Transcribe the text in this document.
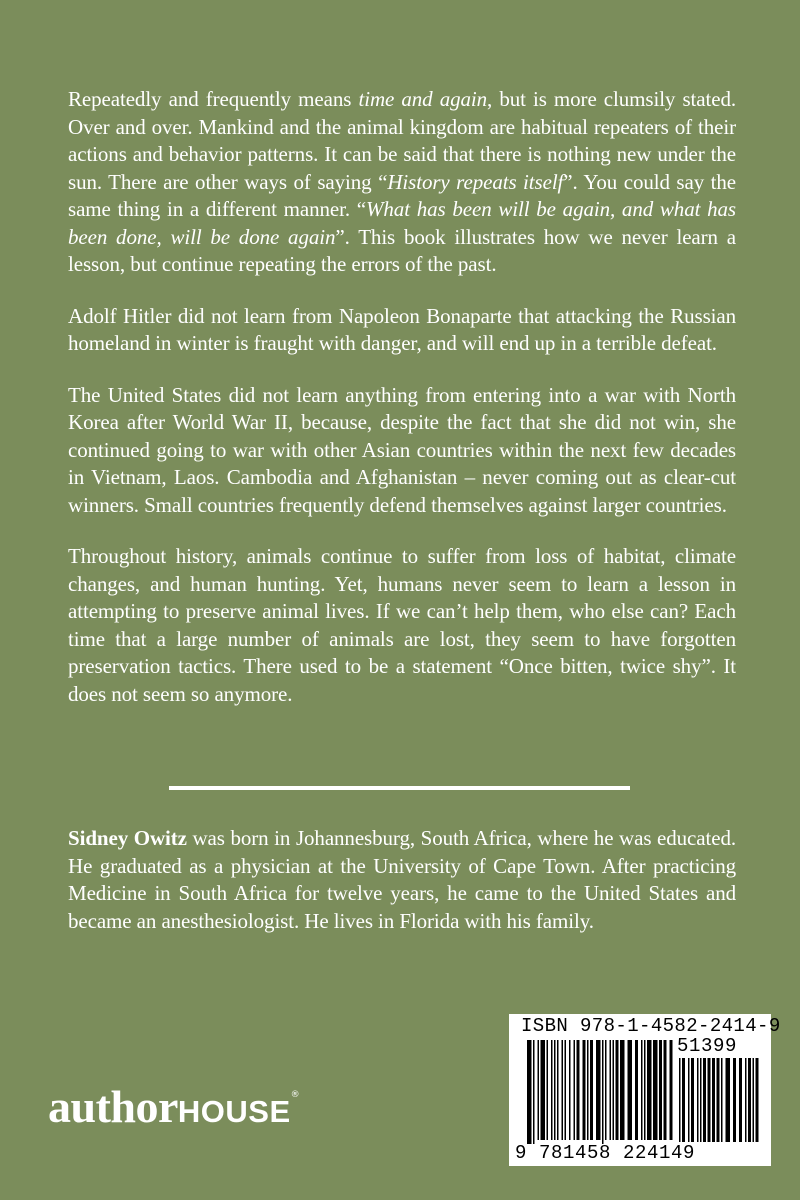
Repeatedly and frequently means time and again, but is more clumsily stated. Over and over. Mankind and the animal kingdom are habitual repeaters of their actions and behavior patterns. It can be said that there is nothing new under the sun. There are other ways of saying “History repeats itself”. You could say the same thing in a different manner. “What has been will be again, and what has been done, will be done again”. This book illustrates how we never learn a lesson, but continue repeating the errors of the past.

Adolf Hitler did not learn from Napoleon Bonaparte that attacking the Russian homeland in winter is fraught with danger, and will end up in a terrible defeat.

The United States did not learn anything from entering into a war with North Korea after World War II, because, despite the fact that she did not win, she continued going to war with other Asian countries within the next few decades in Vietnam, Laos. Cambodia and Afghanistan – never coming out as clear-cut winners. Small countries frequently defend themselves against larger countries.

Throughout history, animals continue to suffer from loss of habitat, climate changes, and human hunting. Yet, humans never seem to learn a lesson in attempting to preserve animal lives. If we can’t help them, who else can? Each time that a large number of animals are lost, they seem to have forgotten preservation tactics. There used to be a statement “Once bitten, twice shy”. It does not seem so anymore.

Sidney Owitz was born in Johannesburg, South Africa, where he was educated. He graduated as a physician at the University of Cape Town. After practicing Medicine in South Africa for twelve years, he came to the United States and became an anesthesiologist. He lives in Florida with his family.

authorHOUSE®
ISBN 978-1-4582-2414-9
51399
9 781458 224149
